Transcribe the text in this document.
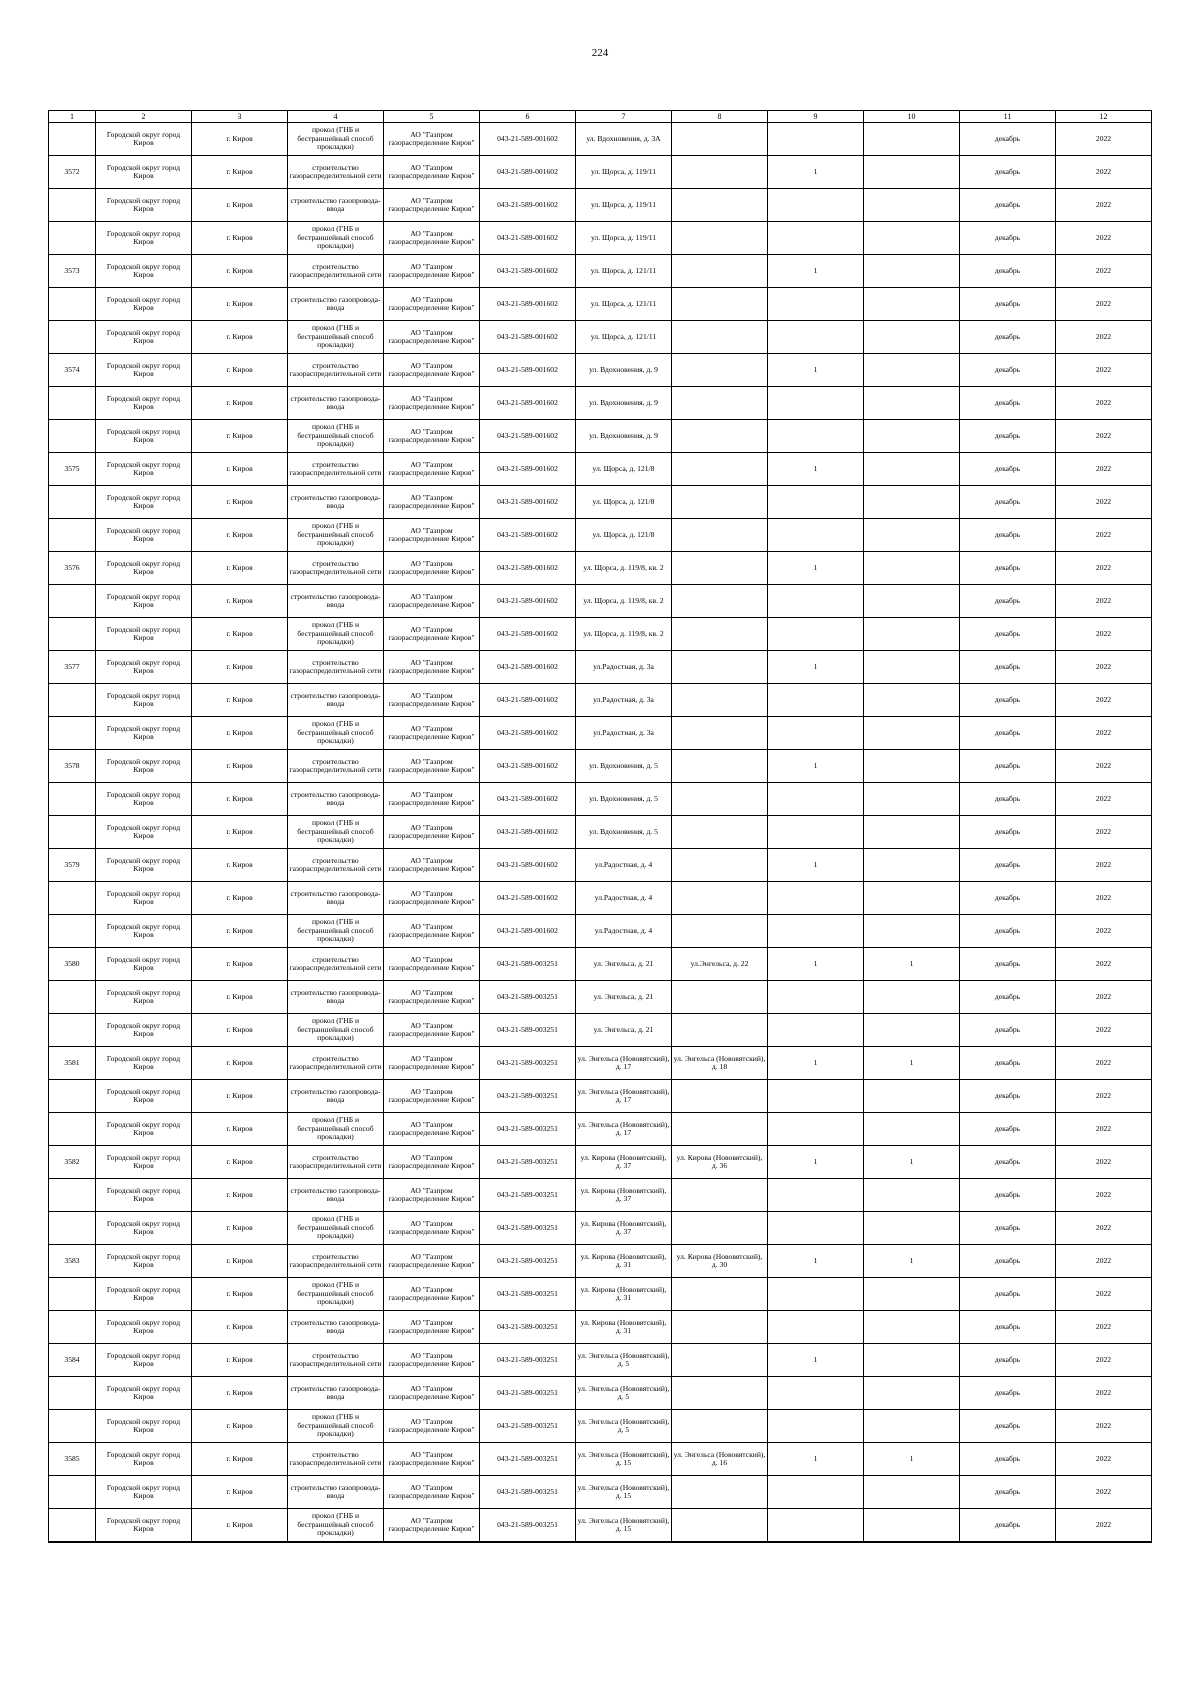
224
1	2	3	4	5	6	7	8	9	10	11	12

	Городской округ город Киров	г. Киров	прокол (ГНБ и бестраншейный способ прокладки)	АО "Газпром газораспределение Киров"	043-21-589-001602	ул. Вдохновения, д. 3А				декабрь	2022

3572	Городской округ город Киров	г. Киров	строительство газораспределительной сети	АО "Газпром газораспределение Киров"	043-21-589-001602	ул. Щорса, д. 119/11		1		декабрь	2022

	Городской округ город Киров	г. Киров	строительство газопровода-ввода	АО "Газпром газораспределение Киров"	043-21-589-001602	ул. Щорса, д. 119/11				декабрь	2022

	Городской округ город Киров	г. Киров	прокол (ГНБ и бестраншейный способ прокладки)	АО "Газпром газораспределение Киров"	043-21-589-001602	ул. Щорса, д. 119/11				декабрь	2022

3573	Городской округ город Киров	г. Киров	строительство газораспределительной сети	АО "Газпром газораспределение Киров"	043-21-589-001602	ул. Щорса, д. 121/11		1		декабрь	2022

	Городской округ город Киров	г. Киров	строительство газопровода-ввода	АО "Газпром газораспределение Киров"	043-21-589-001602	ул. Щорса, д. 121/11				декабрь	2022

	Городской округ город Киров	г. Киров	прокол (ГНБ и бестраншейный способ прокладки)	АО "Газпром газораспределение Киров"	043-21-589-001602	ул. Щорса, д. 121/11				декабрь	2022

3574	Городской округ город Киров	г. Киров	строительство газораспределительной сети	АО "Газпром газораспределение Киров"	043-21-589-001602	ул. Вдохновения, д. 9		1		декабрь	2022

	Городской округ город Киров	г. Киров	строительство газопровода-ввода	АО "Газпром газораспределение Киров"	043-21-589-001602	ул. Вдохновения, д. 9				декабрь	2022

	Городской округ город Киров	г. Киров	прокол (ГНБ и бестраншейный способ прокладки)	АО "Газпром газораспределение Киров"	043-21-589-001602	ул. Вдохновения, д. 9				декабрь	2022

3575	Городской округ город Киров	г. Киров	строительство газораспределительной сети	АО "Газпром газораспределение Киров"	043-21-589-001602	ул. Щорса, д. 121/8		1		декабрь	2022

	Городской округ город Киров	г. Киров	строительство газопровода-ввода	АО "Газпром газораспределение Киров"	043-21-589-001602	ул. Щорса, д. 121/8				декабрь	2022

	Городской округ город Киров	г. Киров	прокол (ГНБ и бестраншейный способ прокладки)	АО "Газпром газораспределение Киров"	043-21-589-001602	ул. Щорса, д. 121/8				декабрь	2022

3576	Городской округ город Киров	г. Киров	строительство газораспределительной сети	АО "Газпром газораспределение Киров"	043-21-589-001602	ул. Щорса, д. 119/8, кв. 2		1		декабрь	2022

	Городской округ город Киров	г. Киров	строительство газопровода-ввода	АО "Газпром газораспределение Киров"	043-21-589-001602	ул. Щорса, д. 119/8, кв. 2				декабрь	2022

	Городской округ город Киров	г. Киров	прокол (ГНБ и бестраншейный способ прокладки)	АО "Газпром газораспределение Киров"	043-21-589-001602	ул. Щорса, д. 119/8, кв. 2				декабрь	2022

3577	Городской округ город Киров	г. Киров	строительство газораспределительной сети	АО "Газпром газораспределение Киров"	043-21-589-001602	ул.Радостная, д. 3а		1		декабрь	2022

	Городской округ город Киров	г. Киров	строительство газопровода-ввода	АО "Газпром газораспределение Киров"	043-21-589-001602	ул.Радостная, д. 3а				декабрь	2022

	Городской округ город Киров	г. Киров	прокол (ГНБ и бестраншейный способ прокладки)	АО "Газпром газораспределение Киров"	043-21-589-001602	ул.Радостная, д. 3а				декабрь	2022

3578	Городской округ город Киров	г. Киров	строительство газораспределительной сети	АО "Газпром газораспределение Киров"	043-21-589-001602	ул. Вдохновения, д. 5		1		декабрь	2022

	Городской округ город Киров	г. Киров	строительство газопровода-ввода	АО "Газпром газораспределение Киров"	043-21-589-001602	ул. Вдохновения, д. 5				декабрь	2022

	Городской округ город Киров	г. Киров	прокол (ГНБ и бестраншейный способ прокладки)	АО "Газпром газораспределение Киров"	043-21-589-001602	ул. Вдохновения, д. 5				декабрь	2022

3579	Городской округ город Киров	г. Киров	строительство газораспределительной сети	АО "Газпром газораспределение Киров"	043-21-589-001602	ул.Радостная, д. 4		1		декабрь	2022

	Городской округ город Киров	г. Киров	строительство газопровода-ввода	АО "Газпром газораспределение Киров"	043-21-589-001602	ул.Радостная, д. 4				декабрь	2022

	Городской округ город Киров	г. Киров	прокол (ГНБ и бестраншейный способ прокладки)	АО "Газпром газораспределение Киров"	043-21-589-001602	ул.Радостная, д. 4				декабрь	2022

3580	Городской округ город Киров	г. Киров	строительство газораспределительной сети	АО "Газпром газораспределение Киров"	043-21-589-003251	ул. Энгельса, д. 21	ул.Энгельса, д. 22	1	1	декабрь	2022

	Городской округ город Киров	г. Киров	строительство газопровода-ввода	АО "Газпром газораспределение Киров"	043-21-589-003251	ул. Энгельса, д. 21				декабрь	2022

	Городской округ город Киров	г. Киров	прокол (ГНБ и бестраншейный способ прокладки)	АО "Газпром газораспределение Киров"	043-21-589-003251	ул. Энгельса, д. 21				декабрь	2022

3581	Городской округ город Киров	г. Киров	строительство газораспределительной сети	АО "Газпром газораспределение Киров"	043-21-589-003251	ул. Энгельса (Нововятский), д. 17	ул. Энгельса (Нововятский), д. 18	1	1	декабрь	2022

	Городской округ город Киров	г. Киров	строительство газопровода-ввода	АО "Газпром газораспределение Киров"	043-21-589-003251	ул. Энгельса (Нововятский), д. 17				декабрь	2022

	Городской округ город Киров	г. Киров	прокол (ГНБ и бестраншейный способ прокладки)	АО "Газпром газораспределение Киров"	043-21-589-003251	ул. Энгельса (Нововятский), д. 17				декабрь	2022

3582	Городской округ город Киров	г. Киров	строительство газораспределительной сети	АО "Газпром газораспределение Киров"	043-21-589-003251	ул. Кирова (Нововятский), д. 37	ул. Кирова (Нововятский), д. 36	1	1	декабрь	2022

	Городской округ город Киров	г. Киров	строительство газопровода-ввода	АО "Газпром газораспределение Киров"	043-21-589-003251	ул. Кирова (Нововятский), д. 37				декабрь	2022

	Городской округ город Киров	г. Киров	прокол (ГНБ и бестраншейный способ прокладки)	АО "Газпром газораспределение Киров"	043-21-589-003251	ул. Кирова (Нововятский), д. 37				декабрь	2022

3583	Городской округ город Киров	г. Киров	строительство газораспределительной сети	АО "Газпром газораспределение Киров"	043-21-589-003251	ул. Кирова (Нововятский), д. 31	ул. Кирова (Нововятский), д. 30	1	1	декабрь	2022

	Городской округ город Киров	г. Киров	прокол (ГНБ и бестраншейный способ прокладки)	АО "Газпром газораспределение Киров"	043-21-589-003251	ул. Кирова (Нововятский), д. 31				декабрь	2022

	Городской округ город Киров	г. Киров	строительство газопровода-ввода	АО "Газпром газораспределение Киров"	043-21-589-003251	ул. Кирова (Нововятский), д. 31				декабрь	2022

3584	Городской округ город Киров	г. Киров	строительство газораспределительной сети	АО "Газпром газораспределение Киров"	043-21-589-003251	ул. Энгельса (Нововятский), д. 5		1		декабрь	2022

	Городской округ город Киров	г. Киров	строительство газопровода-ввода	АО "Газпром газораспределение Киров"	043-21-589-003251	ул. Энгельса (Нововятский), д. 5				декабрь	2022

	Городской округ город Киров	г. Киров	прокол (ГНБ и бестраншейный способ прокладки)	АО "Газпром газораспределение Киров"	043-21-589-003251	ул. Энгельса (Нововятский), д. 5				декабрь	2022

3585	Городской округ город Киров	г. Киров	строительство газораспределительной сети	АО "Газпром газораспределение Киров"	043-21-589-003251	ул. Энгельса (Нововятский), д. 15	ул. Энгельса (Нововятский), д. 16	1	1	декабрь	2022

	Городской округ город Киров	г. Киров	строительство газопровода-ввода	АО "Газпром газораспределение Киров"	043-21-589-003251	ул. Энгельса (Нововятский), д. 15				декабрь	2022

	Городской округ город Киров	г. Киров	прокол (ГНБ и бестраншейный способ прокладки)	АО "Газпром газораспределение Киров"	043-21-589-003251	ул. Энгельса (Нововятский), д. 15				декабрь	2022
